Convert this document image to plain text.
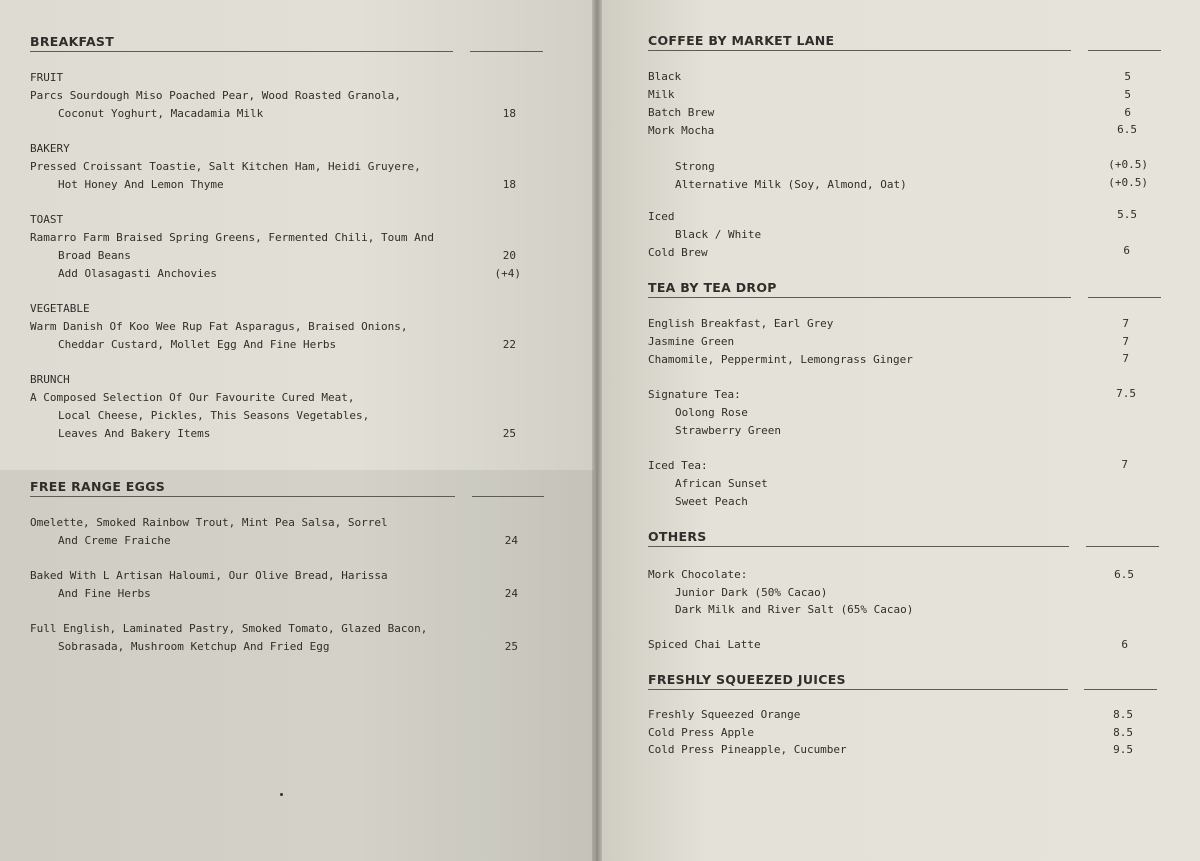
BREAKFAST
FRUIT
Parcs Sourdough Miso Poached Pear, Wood Roasted Granola,
Coconut Yoghurt, Macadamia Milk	18
BAKERY
Pressed Croissant Toastie, Salt Kitchen Ham, Heidi Gruyere,
Hot Honey And Lemon Thyme	18
TOAST
Ramarro Farm Braised Spring Greens, Fermented Chili, Toum And
Broad Beans	20
Add Olasagasti Anchovies	(+4)
VEGETABLE
Warm Danish Of Koo Wee Rup Fat Asparagus, Braised Onions,
Cheddar Custard, Mollet Egg And Fine Herbs	22
BRUNCH
A Composed Selection Of Our Favourite Cured Meat,
Local Cheese, Pickles, This Seasons Vegetables,
Leaves And Bakery Items	25
FREE RANGE EGGS
Omelette, Smoked Rainbow Trout, Mint Pea Salsa, Sorrel
And Creme Fraiche	24
Baked With L Artisan Haloumi, Our Olive Bread, Harissa
And Fine Herbs	24
Full English, Laminated Pastry, Smoked Tomato, Glazed Bacon,
Sobrasada, Mushroom Ketchup And Fried Egg	25
COFFEE BY MARKET LANE
Black	5
Milk	5
Batch Brew	6
Mork Mocha	6.5
Strong	(+0.5)
Alternative Milk (Soy, Almond, Oat)	(+0.5)
Iced	5.5
Black / White
Cold Brew	6
TEA BY TEA DROP
English Breakfast, Earl Grey	7
Jasmine Green	7
Chamomile, Peppermint, Lemongrass Ginger	7
Signature Tea:	7.5
Oolong Rose
Strawberry Green
Iced Tea:	7
African Sunset
Sweet Peach
OTHERS
Mork Chocolate:	6.5
Junior Dark (50% Cacao)
Dark Milk and River Salt (65% Cacao)
Spiced Chai Latte	6
FRESHLY SQUEEZED JUICES
Freshly Squeezed Orange	8.5
Cold Press Apple	8.5
Cold Press Pineapple, Cucumber	9.5
